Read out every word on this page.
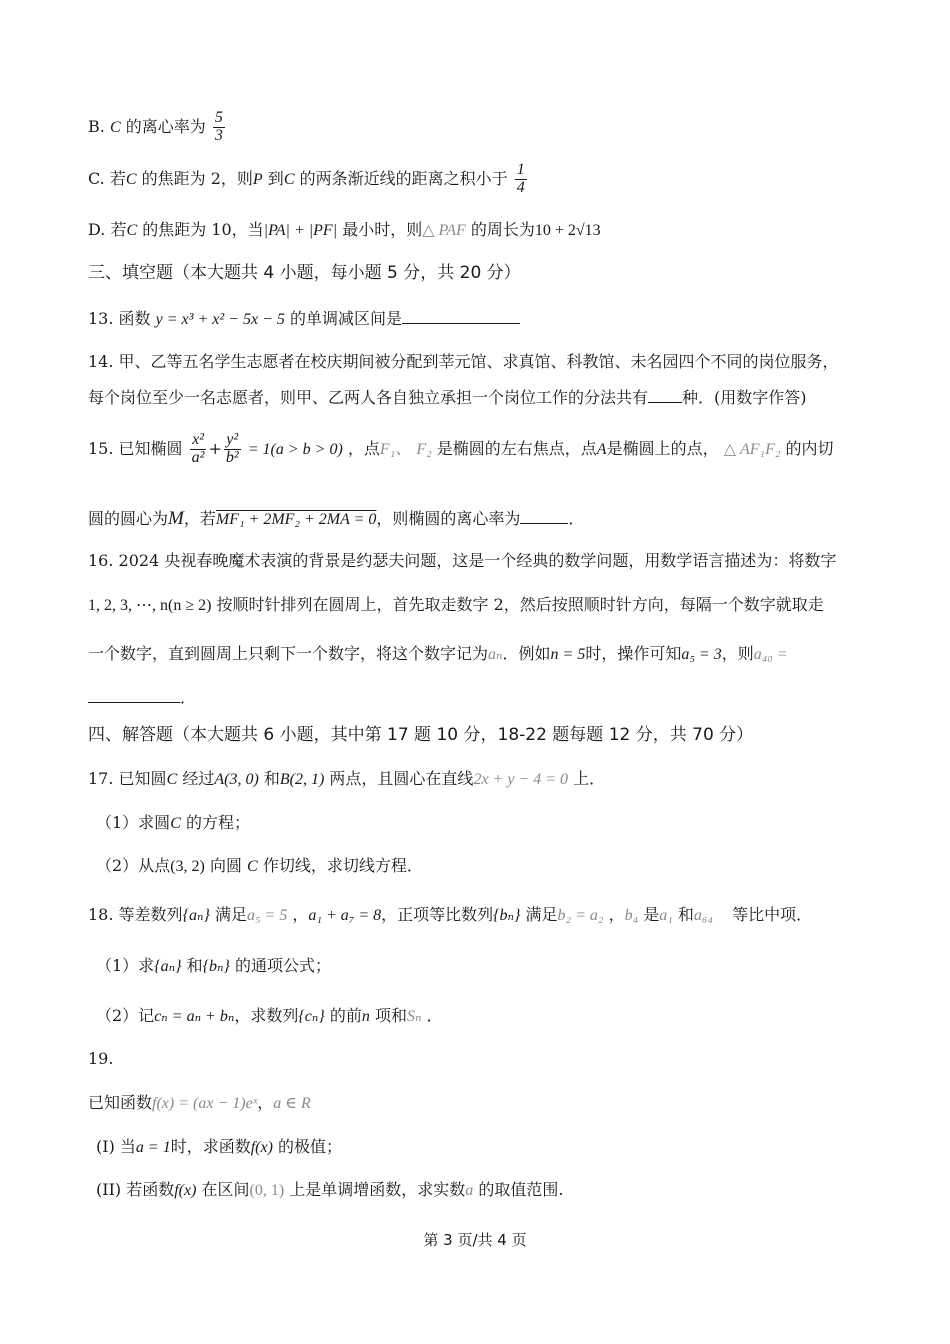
B. C 的离心率为 $\frac{5}{3}$
C. 若C 的焦距为 2，则P 到C 的两条渐近线的距离之积小于 $\frac{1}{4}$
D. 若C 的焦距为 10，当|PA| + |PF| 最小时，则△ PAF 的周长为10 + 2√13
三、填空题（本大题共 4 小题，每小题 5 分，共 20 分）
13. 函数 y = x³ + x² − 5x − 5 的单调减区间是
14. 甲、乙等五名学生志愿者在校庆期间被分配到莘元馆、求真馆、科教馆、未名园四个不同的岗位服务，
每个岗位至少一名志愿者，则甲、乙两人各自独立承担一个岗位工作的分法共有 种．(用数字作答)
15. 已知椭圆 $\frac{\text{x²}}{\text{a²}} + \frac{\text{y²}}{\text{b²}} = 1(a > b > 0)$ ，点F₁、 F₂ 是椭圆的左右焦点，点A是椭圆上的点， △ AF₁F₂ 的内切
圆的圆心为M，若MF₁ + 2MF₂ + 2MA = 0，则椭圆的离心率为	．
16. 2024 央视春晚魔术表演的背景是约瑟夫问题，这是一个经典的数学问题，用数学语言描述为：将数字
1, 2, 3, ⋯, n(n ≥ 2) 按顺时针排列在圆周上，首先取走数字 2，然后按照顺时针方向，每隔一个数字就取走
一个数字，直到圆周上只剩下一个数字，将这个数字记为aₙ．例如n = 5时，操作可知a₅ = 3，则a₄₀ =
．
四、解答题（本大题共 6 小题，其中第 17 题 10 分，18-22 题每题 12 分，共 70 分）
17. 已知圆C 经过A(3, 0) 和B(2, 1) 两点，且圆心在直线2x + y − 4 = 0 上．
（1）求圆C 的方程；
（2）从点(3, 2) 向圆 C 作切线，求切线方程．
18. 等差数列{aₙ} 满足a₅ = 5 ，a₁ + a₇ = 8，正项等比数列{bₙ} 满足b₂ = a₂ ，b₄ 是a₁ 和a₆₄ 等比中项．
（1）求{aₙ} 和{bₙ} 的通项公式；
（2）记cₙ = aₙ + bₙ，求数列{cₙ} 的前n 项和Sₙ ．
19.
已知函数f(x) = (ax − 1)eˣ，a ∈ R
(I) 当a = 1时，求函数f(x) 的极值；
(II) 若函数f(x) 在区间(0, 1) 上是单调增函数，求实数a 的取值范围.
第 3 页/共 4 页
